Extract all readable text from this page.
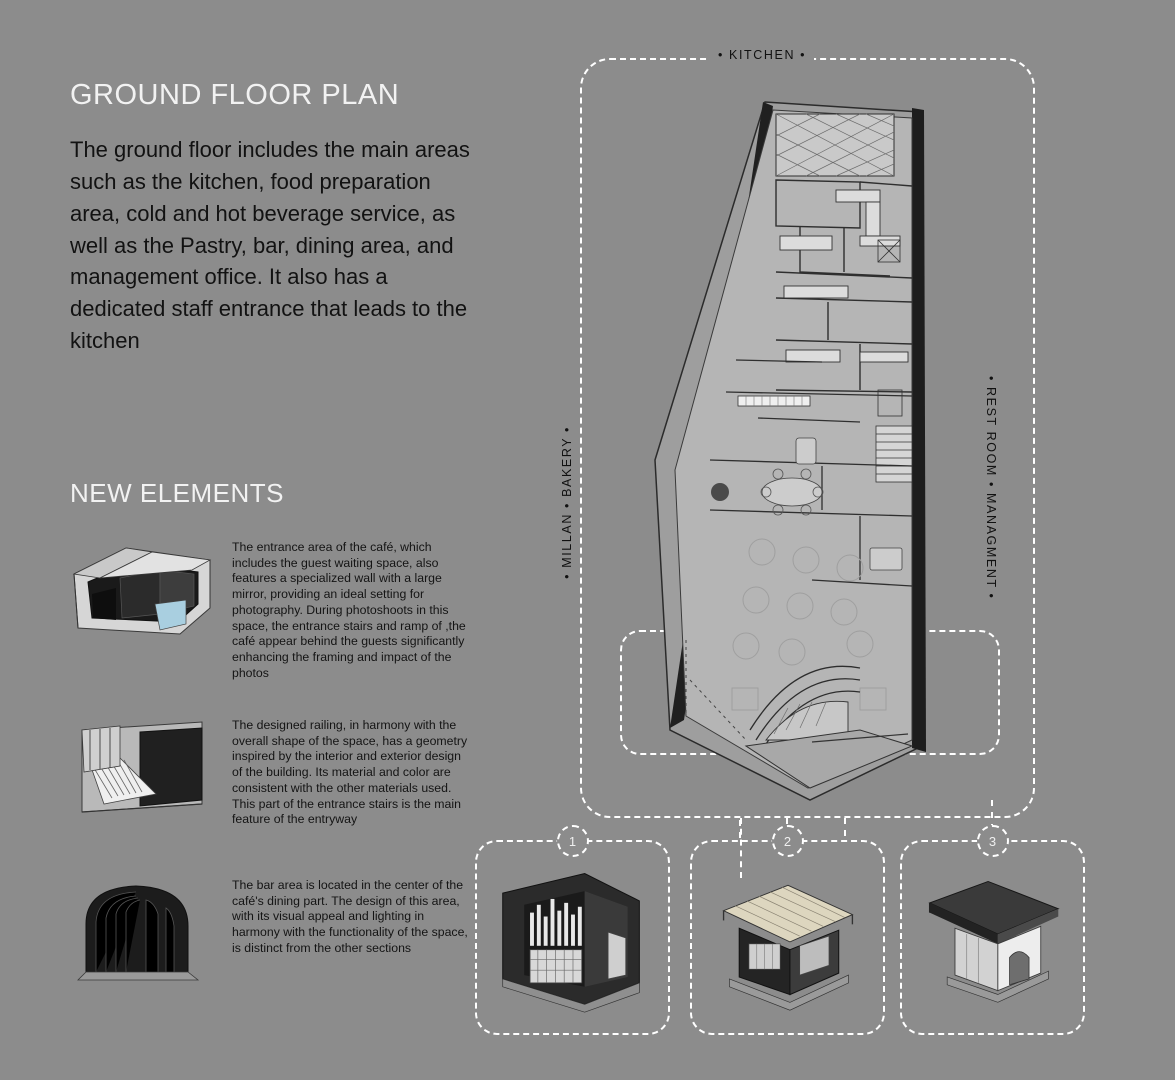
GROUND FLOOR PLAN

The ground floor includes the main areas such as the kitchen, food preparation area, cold and hot beverage service, as well as the Pastry, bar, dining area, and management office. It also has a dedicated staff entrance that leads to the kitchen

NEW ELEMENTS
The entrance area of the café, which includes the guest waiting space, also features a specialized wall with a large mirror, providing an ideal setting for photography. During photoshoots in this space, the entrance stairs and ramp of ,the café appear behind the guests significantly enhancing the framing and impact of the photos
The designed railing, in harmony with the overall shape of the space, has a geometry inspired by the interior and exterior design of the building. Its material and color are consistent with the other materials used. This part of the entrance stairs is the main feature of the entryway
The bar area is located in the center of the café's dining part. The design of this area, with its visual appeal and lighting in harmony with the functionality of the space, is distinct from the other sections
• KITCHEN •
• MILLAN • BAKERY •	• REST ROOM • MANAGMENT •
1	2	3
